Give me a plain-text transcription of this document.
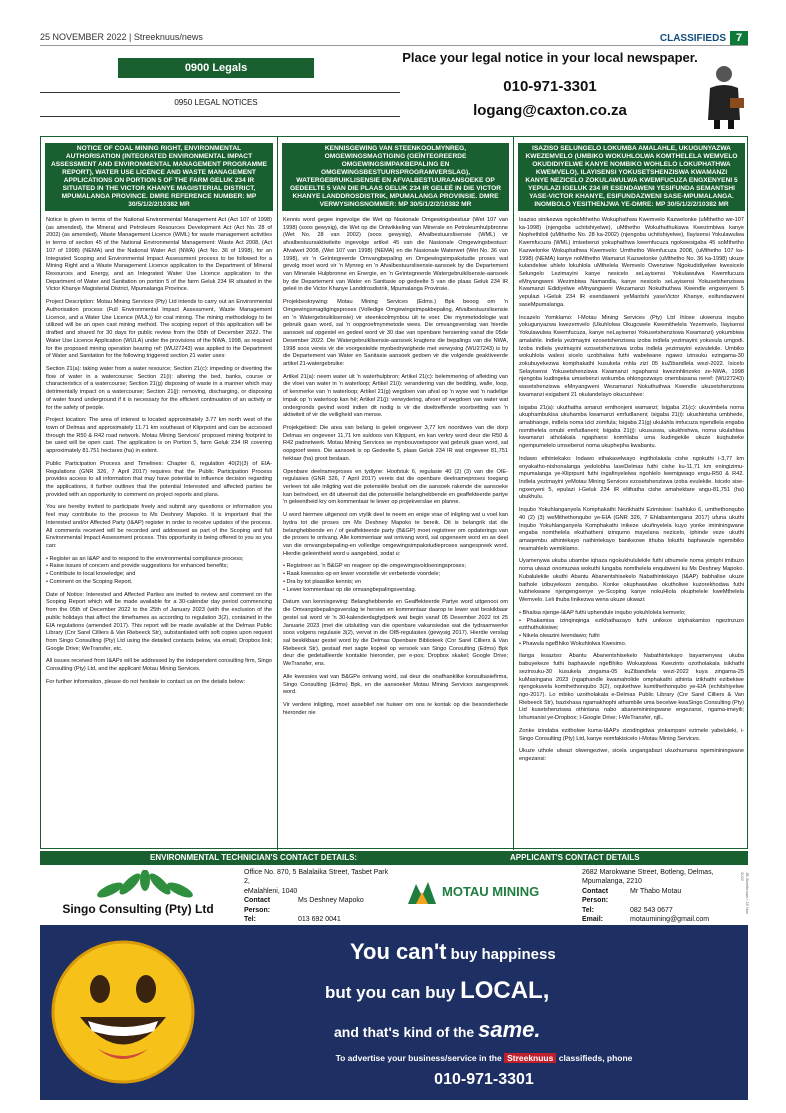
25 NOVEMBER 2022 | Streeknuus/news	CLASSIFIEDS 7
0900 Legals
0950 LEGAL NOTICES
Place your legal notice in your local newspaper.
010-971-3301
logang@caxton.co.za
NOTICE OF COAL MINING RIGHT, ENVIRONMENTAL AUTHORISATION (INTEGRATED ENVIRONMENTAL IMPACT ASSESSMENT AND ENVIRONMENTAL MANAGEMENT PROGRAMME REPORT), WATER USE LICENCE AND WASTE MANAGEMENT APPLICATIONS ON PORTION 5 OF THE FARM GELUK 234 IR SITUATED IN THE VICTOR KHANYE MAGISTERIAL DISTRICT, MPUMALANGA PROVINCE. DMRE REFERENCE NUMBER: MP 30/5/1/2/2/10382 MR

Notice is given in terms of the National Environmental Management Act (Act 107 of 1998) (as amended), the Mineral and Petroleum Resources Development Act (Act No. 28 of 2002) (as amended), Waste Management Licence (WML) for waste management activities in terms of section 45 of the National Environmental Management: Waste Act 2008, (Act 107 of 1998) (NEMA) and the National Water Act (NWA) (Act No. 36 of 1998), for an Integrated Scoping and Environmental Impact Assessment process to be followed for a Mining Right and a Waste Management Licence application to the Department of Mineral Resources and Energy, and an Integrated Water Use Licence application to the Department of Water and Sanitation on portion 5 of the farm Geluk 234 IR situated in the Victor Khanye Magisterial District, Mpumalanga Province.

Project Description: Motau Mining Services (Pty) Ltd intends to carry out an Environmental Authorisation process (Full Environmental Impact Assessment, Waste Management Licence, and a Water Use Licence (WUL)) for coal mining. The mining methodology to be utilized will be an open cast mining method. The scoping report of this application will be drafted and shared for 30 days for public review from the 05th of December 2022. The Water Use Licence Application (WULA) under the provisions of the NWA, 1998, as required for the proposed mining operation bearing ref: (WU27243) was applied to the Department of Water and Sanitation for the following triggered section 21 water uses:

Section 21(a): taking water from a water resource; Section 21(c): impeding or diverting the flow of water in a watercourse; Section 21(i): altering the bed, banks, course or characteristics of a watercourse; Section 21(g) disposing of waste in a manner which may detrimentally impact on a watercourse; Section 21(j): removing, discharging, or disposing of water found underground if it is necessary for the efficient continuation of an activity or for the safety of people.

Project location: The area of interest is located approximately 3.77 km north west of the town of Delmas and approximately 11.71 km southeast of Kliprpoint and can be accessed through the R50 & R42 road network. Motau Mining Services' proposed mining footprint to be used will be open cast. The application is on Portion 5, farm Geluk 234 IR covering approximately 81.751 hectares (ha) in extent.

Public Participation Process and Timelines: Chapter 6, regulation 40(2)(3) of EIA-Regulations (GNR 326, 7 April 2017) requires that the Public Participation Process provides access to all information that may have potential to influence decision regarding the applications, it further outlines that the potential Interested and affected parties be provided with an opportunity to comment on project reports and plans.

You are hereby invited to participate freely and submit any questions or information you feel may contribute to the process to Ms Deshney Mapoko. It is important that the Interested and/or Affected Party (I&AP) register in order to receive updates of the process. All comments received will be recorded and addressed as part of the Scoping and full Environmental Impact Assessment process. This opportunity is being offered to you so you can:

• Register as an I&AP and to respond to the environmental compliance process;
• Raise issues of concern and provide suggestions for enhanced benefits;
• Contribute to local knowledge; and
• Comment on the Scoping Report.

Date of Notice: Interested and Affected Parties are invited to review and comment on the Scoping Report which will be made available for a 30-calendar day period commencing from the 05th of December 2022 to the 25th of January 2023 (with the exclusion of the public holidays that affect the timeframes as according to regulation 3(2), contained in the EIA regulations (amended 2017). This report will be made available at the Delmas Public Library (Cnr Sarel Cilliers & Van Riebeeck Str), substantiated with soft copies upon request from Singo Consulting (Pty) Ltd using the detailed contacts below, via email; Dropbox link; Google Drive; WeTransfer, etc.

All issues received from I&APs will be addressed by the independent consulting firm, Singo Consulting (Pty) Ltd, and the applicant Motau Mining Services.

For further information, please do not hesitate to contact us on the details below:

KENNISGEWING VAN STEENKOOLMYNREG, OMGEWINGSMAGTIGING (GEÏNTEGREERDE OMGEWINGSIMPAKBEPALING EN OMGEWINGSBESTUURSPROGRAMVERSLAG), WATERGEBRUIKLISENSIE EN AFVALBESTUURAANSOEKE OP GEDEELTE 5 VAN DIE PLAAS GELUK 234 IR GELEË IN DIE VICTOR KHANYE LANDDROSDISTRIK, MPUMALANGA PROVINSIE. DMRE VERWYSINGSNOMMER: MP 30/5/1/2/2/10382 MR

Kennis word gegee ingevolge die Wet op Nasionale Omgewingsbestuur (Wet 107 van 1998) (soos gewysig), die Wet op die Ontwikkeling van Minerale en Petroleumhulpbronne (Wet No. 28 van 2002) (soos gewysig), Afvalbestuurslisensie (WML) vir afvalbestuursaktiwiteite ingevolge artikel 45 van die Nasionale Omgewingsbestuur: Afvalwet 2008, (Wet 107 van 1998) (NEMA) en die Nasionale Waterwet (Wet No. 36 van 1998), vir 'n Geïntegreerde Omvangbepaling en Omgewingsimpakstudie proses wat gevolg moet word vir 'n Mynreg en 'n Afvalbestuurslisensie-aansoek by die Departement van Minerale Hulpbronne en Energie, en 'n Geïntegreerde Watergebruiklisensie-aansoek by die Departement van Water en Sanitasie op gedeelte 5 van die plaas Geluk 234 IR geleë in die Victor Khanye Landdrosdistrik, Mpumalanga Provinsie.

Projekbeskrywing: Motau Mining Services (Edms.) Bpk beoog om 'n Omgewingsmagtigingsproses (Volledige Omgewingsimpakbepaling, Afvalbestuurslisensie en 'n Watergebruiklisensie) vir steenkoolmynbou uit te voer. Die mynmetodologie wat gebruik gaan word, sal 'n oopgroefmynmetode wees. Die omvangsverslag van hierdie aansoek sal opgestel en gedeel word vir 30 dae van openbare hersiening vanaf die 05de Desember 2022. Die Watergebruiklisensie-aansoek kragtens die bepalings van die NWA, 1998 soos vereis vir die voorgestelde mynbedrywighede met verwysing (WU27243) is by die Departement van Water en Sanitasie aansoek gedoen vir die volgende geaktiveerde artikel 21-watergebruike:

Artikel 21(a): neem water uit 'n waterhulpbron; Artikel 21(c): belemmering of afleiding van die vloei van water in 'n waterloop; Artikel 21(i): verandering van die bedding, walle, loop, of kenmerke van 'n waterloop; Artikel 21(g) wegdoen van afval op 'n wyse wat 'n nadelige impak op 'n waterloop kan hê; Artikel 21(j): verwydering, afvoer of wegdoen van water wat ondergronds gevind word indien dit nodig is vir die doeltreffende voortsetting van 'n aktiwiteit of vir die veiligheid van mense.

Projekgebied: Die area van belang is geleë ongeveer 3,77 km noordwes van die dorp Delmas en ongeveer 11,71 km suidoos van Klippunt, en kan verkry word deur die R50 & R42 padnetwerk. Motau Mining Services se mynbouvoetspoor wat gebruik gaan word, sal oopgroef wees. Die aansoek is op Gedeelte 5, plaas Geluk 234 IR wat ongeveer 81,751 hektaar (ha) groot beslaan.

Openbare deelnameproses en tydlyne: Hoofstuk 6, regulasie 40 (2) (3) van die OIE-regulasies (GNR 326, 7 April 2017) vereis dat die openbare deelnameproses toegang verleen tot alle inligting wat die potensiële besluit om die aansoek rakende die aansoeke kan beïnvloed, en dit uiteensit dat die potensiële belanghebbende en geaffekteerde partye 'n geleentheid kry om kommentaar te lewer op projekverslae en planne.

U word hiermee uitgenooi om vrylik deel te neem en enige vrae of inligting wat u voel kan bydra tot die proses om Ms Deshney Mapoko te bereik. Dit is belangrik dat die belanghebbende en / of geaffekteerde party (B&GP) moet registreer om opdaterings van die proses te ontvang. Alle kommentaar wat ontvang word, sal opgeneem word en as deel van die omvangsbepaling-en volledige omgewingsimpakstudieproses aangespreek word. Hierdie geleentheid word u aangebied, sodat u:

• Registreer as 'n B&GP en reageer op die omgewingsvoldoeningsproses;
• Raak kwessies op en lewer voorstelle vir verbeterde voordele;
• Dra by tot plaaslike kennis; en
• Lewer kommentaar op die omvangbepalingsverslag.

Datum van kennisgewing: Belanghebbende en Geaffekteerde Partye word uitgenooi om die Omvangsbepalingsverslag te hersien en kommentaar daarop te lewer wat beskikbaar gestel sal word vir 'n 30-kalenderdagtydperk wat begin vanaf 05 Desember 2022 tot 25 Januarie 2023 (met die uitsluiting van die openbare vakansiedae wat die tydraamwerke soos volgens regulasie 3(2), vervat in die OIB-regulasies (gewysig 2017). Hierdie verslag sal beskikbaar gestel word by die Delmas Openbare Biblioteek (Cnr Sarel Cilliers & Van Riebeeck Str), gestaaf met sagte kopieë op versoek van Singo Consulting (Edms) Bpk deur die gedetailleerde kontakte hieronder, per e-pos; Dropbox skakel; Google Drive; WeTransfer, ens.

Alle kwessies wat van B&GPe ontvang word, sal deur die onafhanklike konsultasiefirma, Singo Consulting (Edms) Bpk, en die aansoeker Motau Mining Services aangespreek word.

Vir verdere inligting, moet asseblief nie huiwer om ons te kontak op die besonderhede hieronder nie

ISAZISO SELUNGELO LOKUMBA AMALAHLE, UKUGUNYAZWA KWEZEMVELO (UMBIKO WOKUHLOLWA KOMTHELELA WEMVELO OKUDIDIYELWE KANYE NOMBIKO WOHLELO LOKUPHATHWA KWEMVELO), ILAYISENSI YOKUSETSHENZISWA KWAMANZI KANYE NEZICELO ZOKULAWULWA KWEMFUCUZA ENGXENYENI 5 YEPULAZI IGELUK 234 IR ESENDAWENI YESIFUNDA SEMANTSHI YASE-VICTOR KHANYE, ESIFUNDAZWENI SASE-MPUMALANGA. INOMBOLO YESITHENJWA YE-DMRE: MP 30/5/1/2/2/10382 MR

Isaziso sinikezwa ngokoMthetho Wokuphathwa Kwemvelo Kazwelonke (uMthetho we-107 ka-1998) (njengoba uchitshiyelwe), uMthetho Wokuthuthukiswa Kwezimbiwa kanye Nophethiloli (uMthetho No. 28 ka-2002) (njengoba uchitshiyelwe), Ilayisensi Yokulawulwa Kwemfucuza (WML) imisebenzi yokuphathwa kwemfucuza ngokwesigaba 45 soMthetho Kazwelonke Wokuphathwa Kwemvelo: Umthetho Wemfucuza 2008, (uMthetho 107 ka-1998) (NEMA) kanye noMthetho Wamanzi Kazwelonke (uMthetho No. 36 ka-1998) ukuze kulandelwe uhlelo lokuhlola uMthelela Wemvelo Owenziwe Ngokudidiyelwe kwesicelo Selungelo Lezimayini kanye nesicelo seLayisensi Yokulawulwa Kwemfucuza eMnyangweni Wezimbiwa Namandla, kanye nesicelo seLayisensi Yokusetshenziswa Kwamanzi Edidiyelwe eMnyangweni Wezamanzi Nokuthuthwa Kwendle engxenyeni 5 yepulazi i-Geluk 234 IR esendaweni yeMantshi yaseVictor Khanye, esifundazweni saseMpumalanga.

Incazelo Yomklamo: I-Motau Mining Services (Pty) Ltd ihlose ukwenza inqubo yokugunyazwa kwezemvelo (Ukuhlolwa Okugcwele Kwemithelela Yezemvelo, Ilayisensi Yokulawulwa Kwemfucuza, kanye neLayisensi Yokusetshenziswa Kwamanzi) yokumbiwa amalahle. Indlela yezimayini ezosetshenziswa izoba indlela yezimayini yokuvula umgodi. Izoba indlela yezimayini ezosetshenziswa izoba indlela yezimayini ezivulekile. Umbiko wokuhlola walesi sicelo uzobhalwa futhi wabelwane ngawo izinsuku ezingama-30 zokubuyekezwa komphakathi kusukela mhla zizi 05 kuZibandlela wezi-2022. Isicelo Selayisensi Yokusetshenziswa Kwamanzi ngaphansi kwezinhlinzeko ze-NWA, 1998 njengoba kudingeka umsebenzi wokumba ohlongozwayo onembasana neref: (WU27243) wasetshenziswa eMnyangweni Wezamanzi Nokuthuthwa Kwendle ukusetshenziswa kwamanzi esigabeni 21 okulandelayo okucushiwe:

Isigaba 21(a): ukuthatha amanzi emthonjeni wamanzi; Isigaba 21(c): ukuvimbela noma ukuphambukisa ukuhamba kwamanzi emfudlaneni; Isigaba 21(i): ukushintsha umbhede, amabhange, indlela noma izici zomfula; Isigaba 21(g) ukulahla imfucuza ngendlela engaba nomthelela omubi emfudlaneni; Isigaba 21(j): ukususwa, ukukhishwa, noma ukulahlwa kwamanzi atholakala ngaphansi komhlaba uma kudingekile ukuze kuqhubeke ngempumelelo umsebenzi noma ukuphepha kwabantu.

Indawo ethintekako: Indawo ethakaselwayo ingitholakala cishe ngokuthi i-3,77 km enyakatho-ntshonalanga yedolobha laseDelmas futhi cishe ku-11,71 km eningizimu-mpumalanga ye-Kliprpunt futhi ingafinyelelwa ngohlelo lwemigwaqo engu-R50 & R42. Indlela yezimayini yeMotau Mining Services ezosetshenziswa izoba evulekile. Isicelo sise-ngxenyeni 5, epulazi i-Geluk 234 IR elithatha cishe amahektare angu-81,751 (ha) ubukhulu.

Inqubo Yokuhlanganyela Komphakathi Nezikhathi Ezimisiwe: Isahluko 6, umthethonqubo 40 (2) (3) weMithethonqubo ye-EIA (GNR 326, 7 Ehlabamtengana 2017) ufuna ukuthi Inqubo Yokuhlanganyela Komphakathi inikeze ukufinyelela kuyo yonke imininingwane engaba nomthelela ekuthatheni izinqumo mayelana nezicelo, iphinde veze ukuthi amaqembu athintekayo nathintekayo banikezwe ithuba lokuthi baphawule ngemibiko neamahlelo wemiklamo.

Uyamenywa ukuba ubambe iqhaza ngokukhululekile futhi uthumele noma yimiphi imibuzo noma ulwazi onomuzwa wokuthi lungaba nomthelela enqubweni ku Ms Deshney Mapoko. Kubalulekile ukuthi Abantu Abanentshisekelo Nabathintekayo (I&AP) babhalise ukuze bathole izibuyekezo zenqubo. Konke okuphawulwe okutholiwe kuzorekhodwa futhi kubhekwane njengengxenye ye-Scoping kanye nokuHlola okuphelele kweMthelela Wemvelo. Leli thuba linikezwa wena ukuze ukwazi:

• Bhalisa njenge-I&AP futhi uphendule inqubo yokuhlolela kemvelo;
• Phakamisa izinqinqinga ezikhathazayo futhi unikeze iziphakamiso ngezinzuzo ezithuthukisiwe;
• Nikela olwazini lwendawo; futhi
• Phawula ngeBhiko Wokuhlolwa Kwesimo.

Ilanga lesaziso: Abantu Abanentshisekelo Nabathintekayo bayamenywa ukuba babuyekeze futhi baphawule ngeBhiko Wokuqokwa Kwezinto ozotholakala isikhathi sezinsuku-30 kusukela zingama-05 kuZibandlela wezi-2022 kuya zingama-25 kuMasingana 2023 (ngaphandle kwamaholide omphakathi athinta izikhathi ezibekiwe njengokuvela komthethonqubo 3(2), oqukethwe kumithethonqubo ye-EIA (echitshiyelwe ngo-2017). Lo mbiko uzotholakala e-Delmas Public Library (Cnr Sarel Cilliers & Van Riebeeck Str), bazixhasa ngamakhophi athambile uma becelwe kwaSingo Consulting (Pty) Ltd kusetshenziswa othintana nabo abanemininingwane engezansi, ngama-imeyili; Ixhumanisi ye-Dropbox; I-Google Drive; I-WeTransfer, njll..

Zonke izindaba ezitholwe kuma-I&APs zizodingidwa yinkampani ezimele yabeluleki, i-Singo Consulting (Pty) Ltd, kanye nomfakisicelo i-Motau Mining Services.

Ukuze uthole ulwazi olwengeziwe, sicela ungangabazi ukuxhumana ngemininingwane engezansi:

ENVIRONMENTAL TECHNICIAN'S CONTACT DETAILS:	APPLICANT'S CONTACT DETAILS
Singo Consulting (Pty) Ltd
Office No. 870, 5 Balalaika Street, Tasbet Park 2,
eMalahleni, 1040
Contact Person:
Ms Deshney Mapoko
Tel:	013 692 0041
MOTAU MINING
2682 Marokwane Street, Botleng, Delmas,
Mpumalanga, 2210
Contact Person:
Mr Thabo Motau
Tel:	082 543 0677
Email:	motaumining@gmail.com
JB Streeknuus / 25 Nov 2022
You can't buy happiness
but you can buy LOCAL,
and that's kind of the same.
To advertise your business/service in the Streeknuus classifieds, phone
010-971-3301
